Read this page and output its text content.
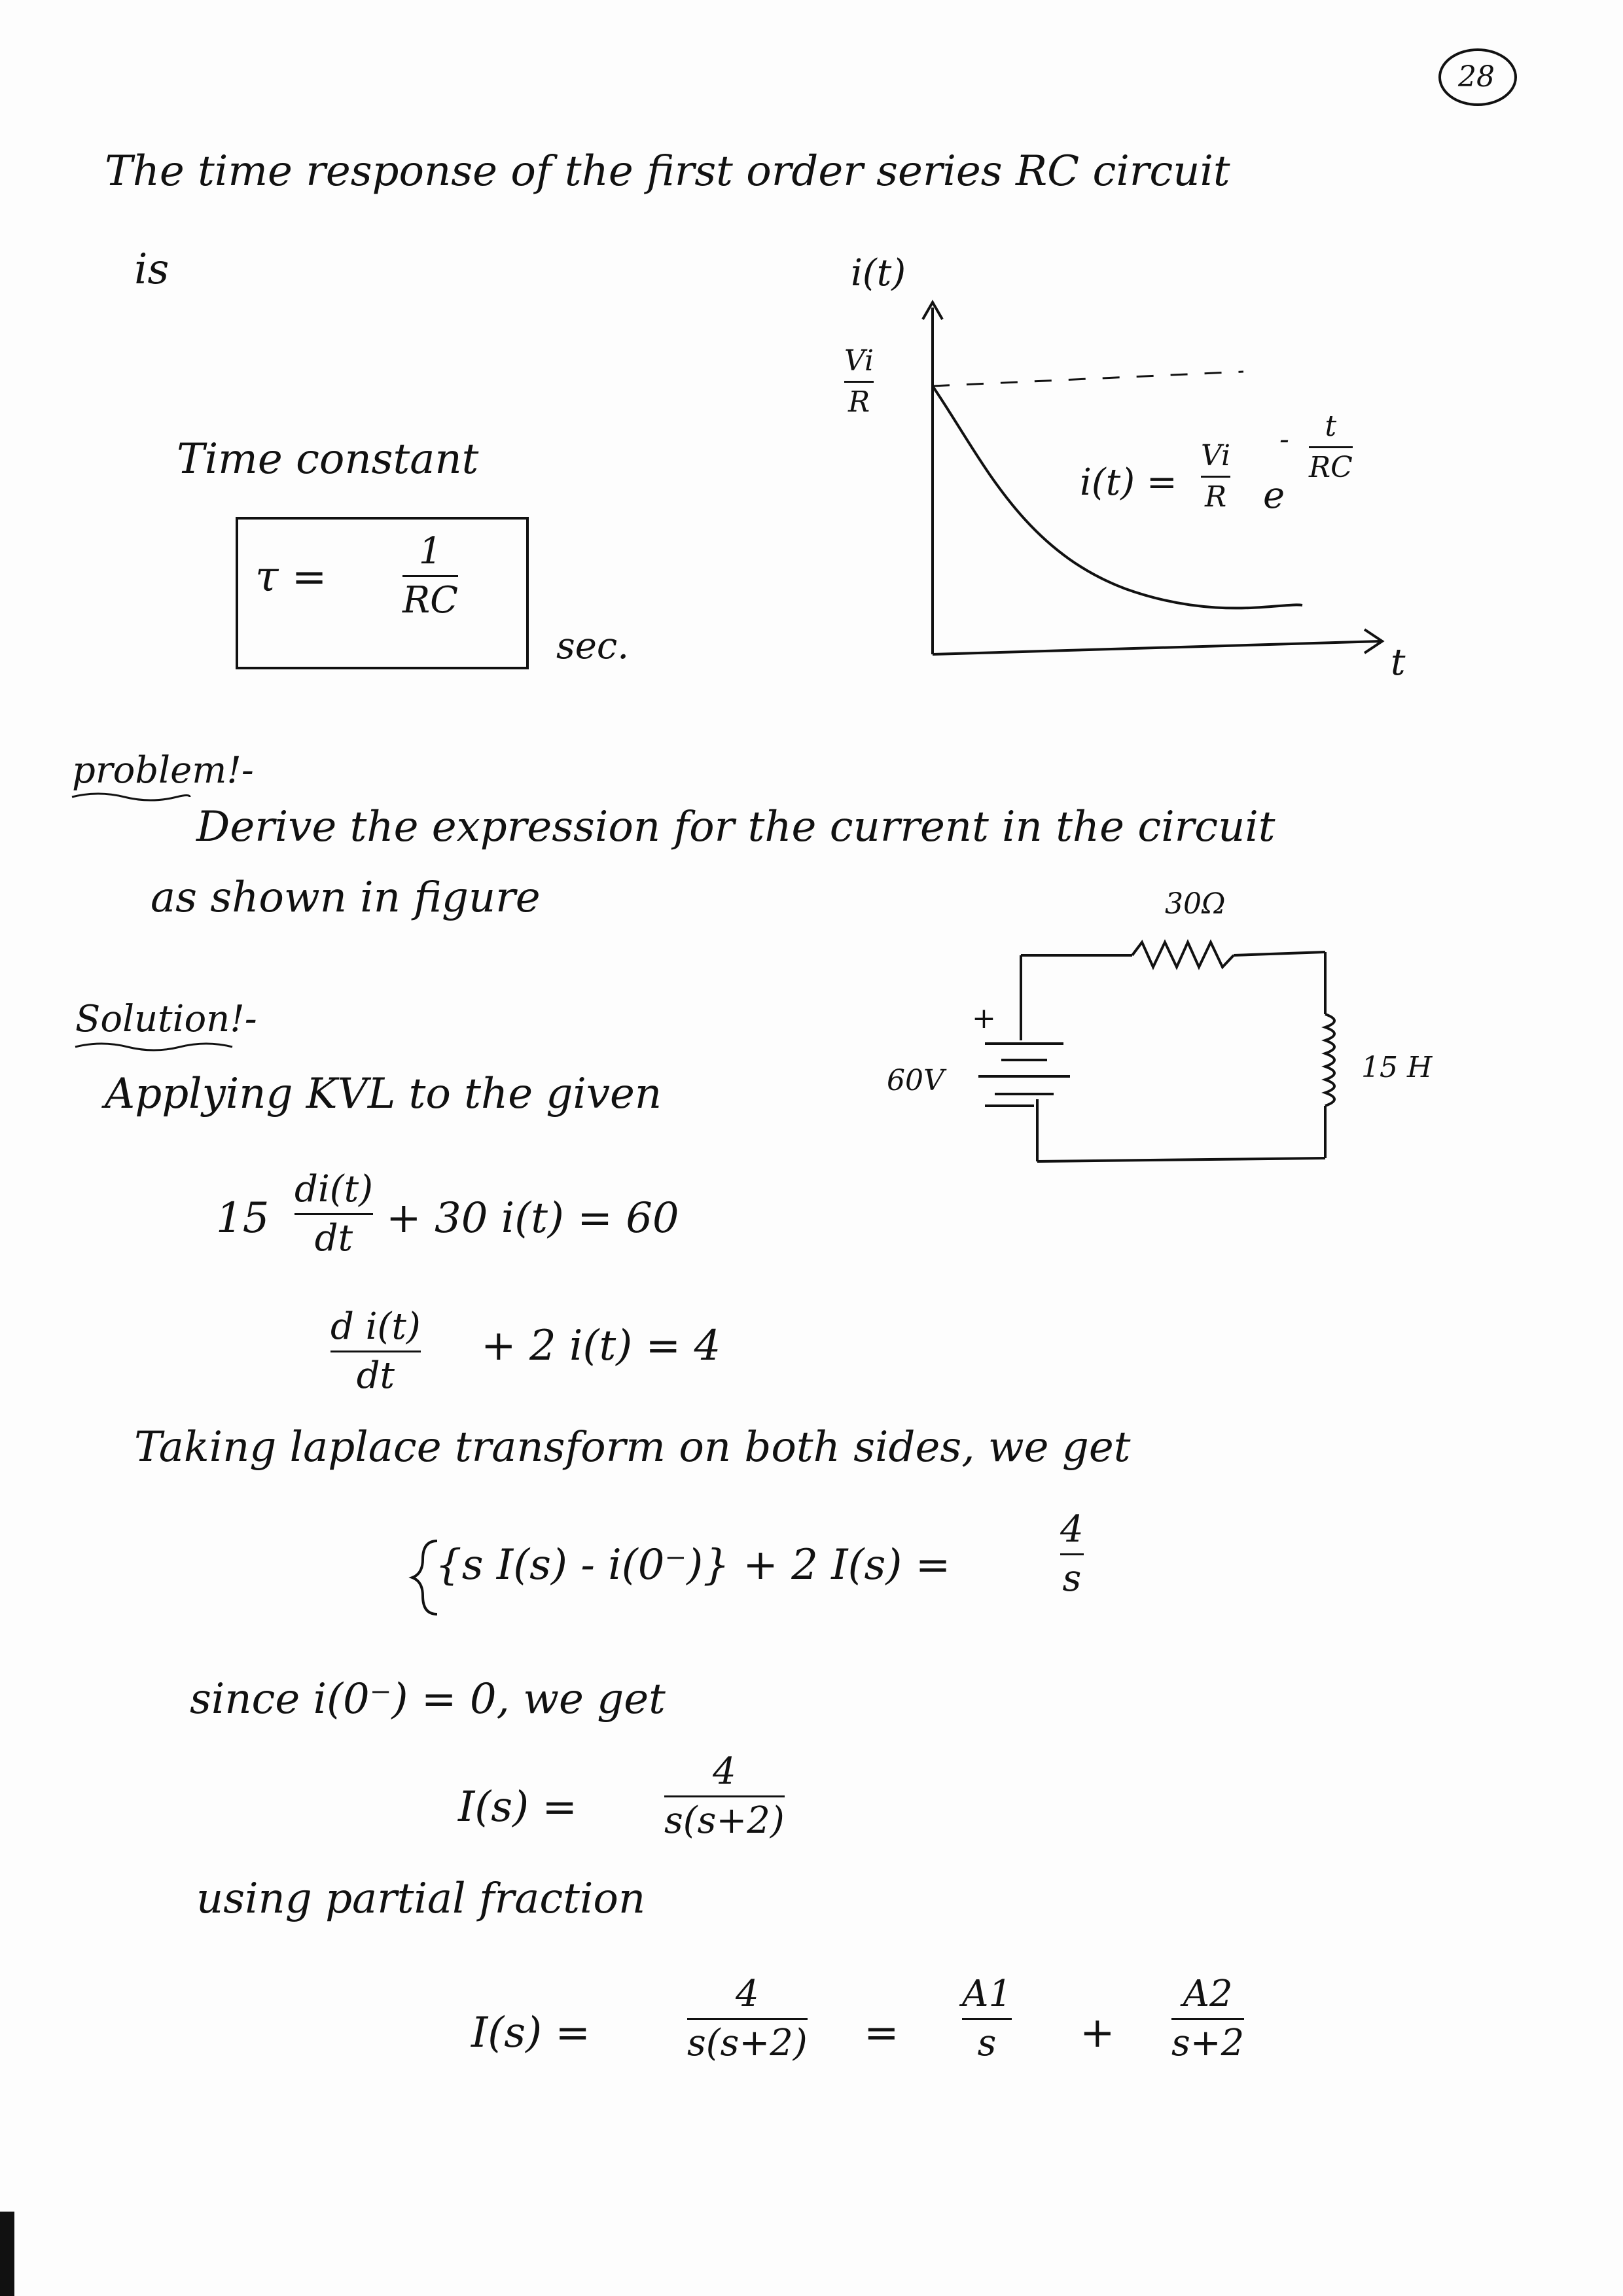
28
The time response of the first order series RC circuit
is	i(t)
Vi
R
t
i(t) =
Vi
R e
- t
RC
Time constant
τ =
1
RC
sec.
problem!-
Derive the expression for the current in the circuit
as shown in figure	30Ω
15 H
60V
+
Solution!-
Applying KVL to the given
15
di(t)
dt + 30 i(t) = 60
d i(t)
dt
+ 2 i(t) = 4
Taking laplace transform on both sides, we get
{s I(s) - i(0⁻)} + 2 I(s) =
4
s
since i(0⁻) = 0, we get
I(s) =
4
s(s+2)
using partial fraction
I(s) =
4
s(s+2) =
A1
s +
A2
s+2
